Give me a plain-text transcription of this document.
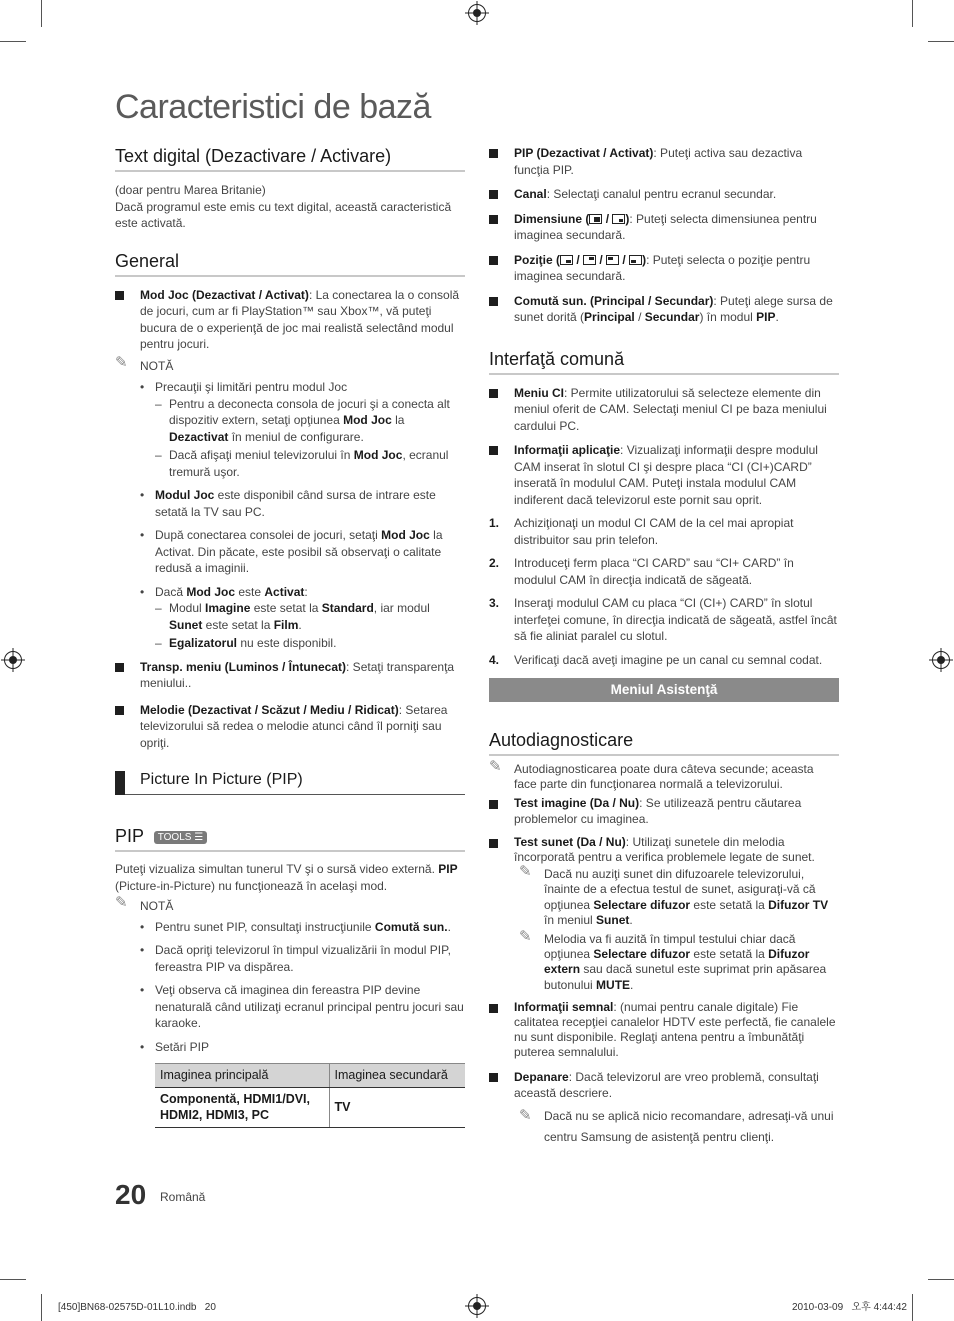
Caracteristici de bază
Text digital (Dezactivare / Activare)
(doar pentru Marea Britanie)
Dacă programul este emis cu text digital, această caracteristică este activată.
General
Mod Joc (Dezactivat / Activat): La conectarea la o consolă de jocuri, cum ar fi PlayStation™ sau Xbox™, vă puteţi bucura de o experienţă de joc mai realistă selectând modul pentru jocuri.
✎ NOTĂ
• Precauţii şi limitări pentru modul Joc
– Pentru a deconecta consola de jocuri şi a conecta alt dispozitiv extern, setaţi opţiunea Mod Joc la Dezactivat în meniul de configurare.
– Dacă afişaţi meniul televizorului în Mod Joc, ecranul tremură uşor.
• Modul Joc este disponibil când sursa de intrare este setată la TV sau PC.
• După conectarea consolei de jocuri, setaţi Mod Joc la Activat. Din păcate, este posibil să observaţi o calitate redusă a imaginii.
• Dacă Mod Joc este Activat:
– Modul Imagine este setat la Standard, iar modul Sunet este setat la Film.
– Egalizatorul nu este disponibil.
Transp. meniu (Luminos / Întunecat): Setaţi transparenţa meniului..
Melodie (Dezactivat / Scăzut / Mediu / Ridicat): Setarea televizorului să redea o melodie atunci când îl porniţi sau opriţi.
Picture In Picture (PIP)
PIP TOOLS ☰
Puteţi vizualiza simultan tunerul TV şi o sursă video externă. PIP (Picture-in-Picture) nu funcţionează în acelaşi mod.
✎ NOTĂ
• Pentru sunet PIP, consultaţi instrucţiunile Comută sun..
• Dacă opriţi televizorul în timpul vizualizării în modul PIP, fereastra PIP va dispărea.
• Veţi observa că imaginea din fereastra PIP devine nenaturală când utilizaţi ecranul principal pentru jocuri sau karaoke.
• Setări PIP
Imaginea principală	Imaginea secundară
Componentă, HDMI1/DVI, HDMI2, HDMI3, PC	TV
PIP (Dezactivat / Activat): Puteţi activa sau dezactiva funcţia PIP.
Canal: Selectaţi canalul pentru ecranul secundar.
Dimensiune (
/
): Puteţi selecta dimensiunea pentru imaginea secundară.
Poziţie (
/
/
/
): Puteţi selecta o poziţie pentru imaginea secundară.
Comută sun. (Principal / Secundar): Puteţi alege sursa de sunet dorită (Principal / Secundar) în modul PIP.
Interfaţă comună
Meniu CI: Permite utilizatorului să selecteze elemente din meniul oferit de CAM. Selectaţi meniul CI pe baza meniului cardului PC.
Informaţii aplicaţie: Vizualizaţi informaţii despre modulul CAM inserat în slotul CI şi despre placa “CI (CI+)CARD” inserată în modulul CAM. Puteţi instala modulul CAM indiferent dacă televizorul este pornit sau oprit.
1. Achiziţionaţi un modul CI CAM de la cel mai apropiat distribuitor sau prin telefon.
2. Introduceţi ferm placa “CI CARD” sau “CI+ CARD” în modulul CAM în direcţia indicată de săgeată.
3. Inseraţi modulul CAM cu placa “CI (CI+) CARD” în slotul interfeţei comune, în direcţia indicată de săgeată, astfel încât să fie aliniat paralel cu slotul.
4. Verificaţi dacă aveţi imagine pe un canal cu semnal codat.
Meniul Asistenţă
Autodiagnosticare
✎ Autodiagnosticarea poate dura câteva secunde; aceasta face parte din funcţionarea normală a televizorului.
Test imagine (Da / Nu): Se utilizează pentru căutarea problemelor cu imaginea.
Test sunet (Da / Nu): Utilizaţi sunetele din melodia încorporată pentru a verifica problemele legate de sunet.
✎ Dacă nu auziţi sunet din difuzoarele televizorului, înainte de a efectua testul de sunet, asiguraţi-vă că opţiunea Selectare difuzor este setată la Difuzor TV în meniul Sunet.
✎ Melodia va fi auzită în timpul testului chiar dacă opţiunea Selectare difuzor este setată la Difuzor extern sau dacă sunetul este suprimat prin apăsarea butonului MUTE.
Informaţii semnal: (numai pentru canale digitale) Fie calitatea recepţiei canalelor HDTV este perfectă, fie canalele nu sunt disponibile. Reglaţi antena pentru a îmbunătăţi puterea semnalului.
Depanare: Dacă televizorul are vreo problemă, consultaţi această descriere.
✎ Dacă nu se aplică nicio recomandare, adresaţi-vă unui centru Samsung de asistenţă pentru clienţi.
20 Română
[450]BN68-02575D-01L10.indb   20	2010-03-09   오후 4:44:42
